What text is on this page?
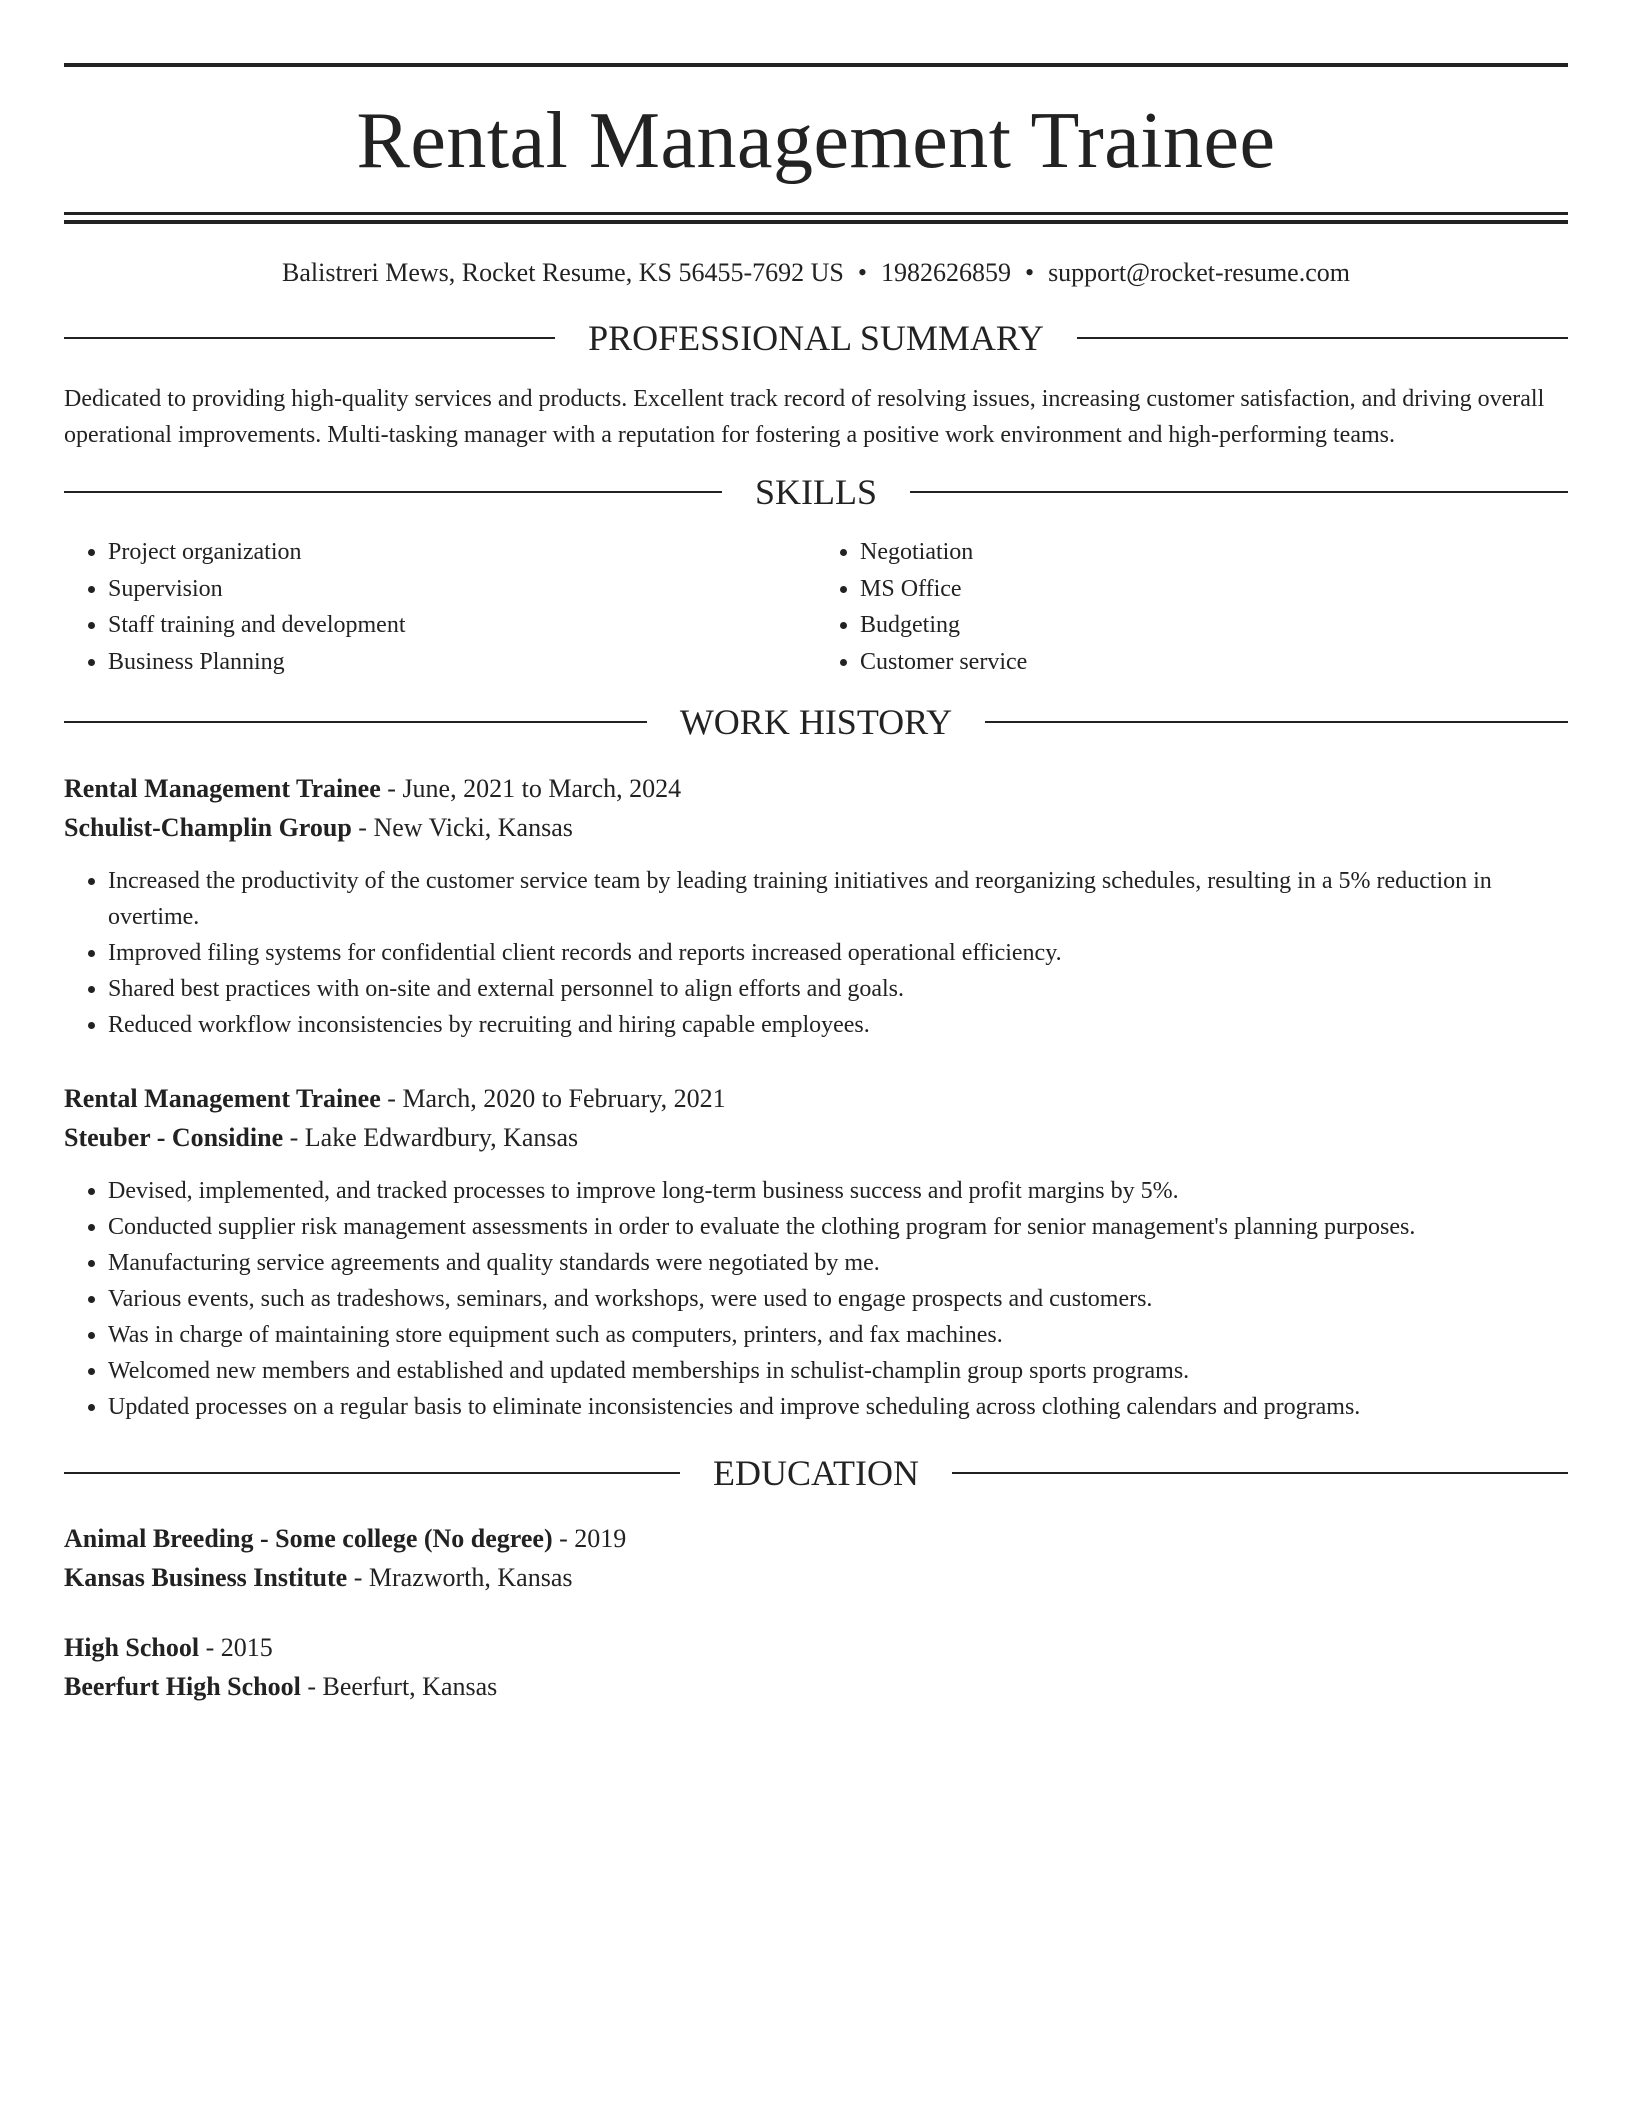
Rental Management Trainee
Balistreri Mews, Rocket Resume, KS 56455-7692 US • 1982626859 • support@rocket-resume.com
PROFESSIONAL SUMMARY

Dedicated to providing high-quality services and products. Excellent track record of resolving issues, increasing customer satisfaction, and driving overall operational improvements. Multi-tasking manager with a reputation for fostering a positive work environment and high-performing teams.

SKILLS
• Project organization
• Supervision
• Staff training and development
• Business Planning
• Negotiation
• MS Office
• Budgeting
• Customer service
WORK HISTORY
Rental Management Trainee - June, 2021 to March, 2024
Schulist-Champlin Group - New Vicki, Kansas
• Increased the productivity of the customer service team by leading training initiatives and reorganizing schedules, resulting in a 5% reduction in overtime.
• Improved filing systems for confidential client records and reports increased operational efficiency.
• Shared best practices with on-site and external personnel to align efforts and goals.
• Reduced workflow inconsistencies by recruiting and hiring capable employees.
Rental Management Trainee - March, 2020 to February, 2021
Steuber - Considine - Lake Edwardbury, Kansas
• Devised, implemented, and tracked processes to improve long-term business success and profit margins by 5%.
• Conducted supplier risk management assessments in order to evaluate the clothing program for senior management's planning purposes.
• Manufacturing service agreements and quality standards were negotiated by me.
• Various events, such as tradeshows, seminars, and workshops, were used to engage prospects and customers.
• Was in charge of maintaining store equipment such as computers, printers, and fax machines.
• Welcomed new members and established and updated memberships in schulist-champlin group sports programs.
• Updated processes on a regular basis to eliminate inconsistencies and improve scheduling across clothing calendars and programs.
EDUCATION
Animal Breeding - Some college (No degree) - 2019
Kansas Business Institute - Mrazworth, Kansas
High School - 2015
Beerfurt High School - Beerfurt, Kansas
